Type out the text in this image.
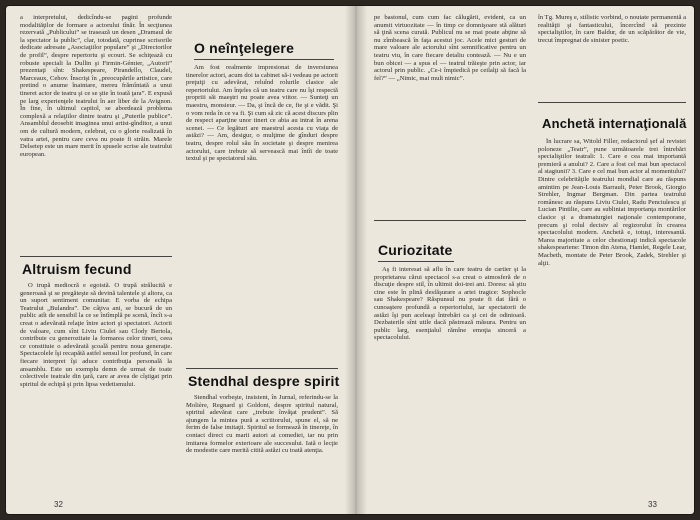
a interpretului, dedicîndu-se pagini profunde modalităţilor de formare a actorului tînăr. În secţiunea rezervată „Publicului” se trasează un desen „Dramaul de la spectator la public”, clar, totodată, cuprinse scrisorile dedicate adresate „Asociaţiilor populare” şi „Directorilor de profil”, despre repertoriu şi ecouri. Se schiţează cu robuste speciali la Dullin şi Firmin-Gémier, „Autorii” prezentaţi sînt: Shakespeare, Pirandello, Claudel, Marceaux, Cehov. Înscrişi în „preocupările artistice, care pretind o anume înaintare, mereu frămîntată a unui tineret actor de teatru şi ce se ştie în toată ţara”. E expusă pe larg experienţele teatrului în aer liber de la Avignon. În fine, în ultimul capitol, se abordează problema complexă a relaţiilor dintre teatru şi „Puterile publice”. Ansamblul deosebit imaginea unui artist-gînditor, a unui om de cultură modern, celebrat, cu o glorie realizată în vatra artei, pentru care ceva nu poate fi străin. Marele Delsetep este un mare merit în spusele scrise ale teatrului european.

Altruism fecund

O trupă mediocră e egoistă. O trupă strălucită e generoasă şi se pregăteşte să devină talentele şi altora, ca un suport sentiment comunitar. E vorba de echipa Teatrului „Bulandra”. De câţiva ani, se bucură de un public atît de sensibil la ce se întîmplă pe scenă, încît s-a creat o adevărată relaţie între actori şi spectatori. Actorii de valoare, cum sînt Liviu Ciulei sau Clody Bertola, contribuie cu generozitate la formarea celor tineri, ceea ce constituie o adevărată şcoală pentru noua generaţie. Spectacolele îşi recapătă astfel sensul lor profund, în care fiecare interpret îşi aduce contribuţia personală la ansamblu. Este un exemplu demn de urmat de toate colectivele teatrale din ţară, care ar avea de cîştigat prin spiritul de echipă şi prin lipsa vedetismului.

O neînţelegere

Am fost realmente impresionat de inversiunea tinerelor actori, acum doi ta cabinet să-i vedeau pe actorii preţuiţi cu adevărat, reluînd rolurile clasice ale repertoriului. Am înţeles că un teatru care nu îşi respectă propriii săi maeştri nu poate avea viitor. — Sunteţi un maestru, monsieur. — Da, şi încă de ce, fie şi e vădit. Şi o vom reda în ce va fi. Şi cum să zic că acest discurs plin de respect aparţine unor tineri ce abia au intrat în arena scenei. — Ce legături are maestrul acesta cu viaţa de astăzi? — Am, desigur, o mulţime de gînduri despre teatru, despre rolul său în societate şi despre menirea actorului, care trebuie să servească mai întîi de toate textul şi pe spectatorul său.

Stendhal despre spirit

Stendhal vorbeşte, insistent, în Jurnal, referindu-se la Molière, Regnard şi Goldoni, despre spiritul natural, spiritul adevărat care „trebuie învăţat prudent”. Să ajungem la mintea pură a scriitorului, spune el, să ne ferim de false imitaţii. Spiritul se formează în tinereţe, în contact direct cu marii autori ai comediei, iar nu prin imitarea formelor exterioare ale succesului. Iată o lecţie de modestie care merită citită astăzi cu toată atenţia.

32

pe bastonul, cum cum fac călugării, evident, ca un anumit virtuozitate — în timp ce domnişoare stă alături să ţină scena curată. Publicul nu se mai poate abţine să nu zîmbească în faţa acestui joc. Acele mici gesturi de mare valoare ale actorului sînt semnificative pentru un teatru viu, în care fiecare detaliu contează. — Nu e un bun obicei — a spus el — teatrul trăieşte prin actor, iar actorul prin public. „Ce-i împiedică pe ceilalţi să facă la fel?” — „Nimic, mai mult nimic”.

Curiozitate

Aş fi interesat să aflu în care teatru de cartier şi la proprietarea cărui spectacol s-a creat o atmosferă de o discuţie despre stil, în ultimii doi-trei ani. Doresc să ştiu cine este în plină desfăşurare a artei tragice: Sophocle sau Shakespeare? Răspunsul nu poate fi dat fără o cunoaştere profundă a repertoriului, iar spectatorii de astăzi îşi pun aceleaşi întrebări ca şi cei de odinioară. Dezbaterile sînt utile dacă păstrează măsura. Pentru un public larg, esenţialul rămîne emoţia sinceră a spectacolului.

în Tg. Mureş e, stilistic vorbind, o noutate permanentă a realităţii şi fantasticului, încercînd să prezinte specialiştilor, în care Baldur, de un scăpărător de vie, trecut împregnat de sinister poetic.

Anchetă internaţională

În lucrare sa, Witold Filler, redactorul şef al revistei poloneze „Teatr”, pune următoarele trei întrebări specialiştilor teatrali: 1. Care e cea mai importantă premieră a anului? 2. Care a fost cel mai bun spectacol al stagiunii? 3. Care e cel mai bun actor al momentului? Dintre celebrităţile teatrului mondial care au răspuns amintim pe Jean-Louis Barrault, Peter Brook, Giorgio Strehler, Ingmar Bergman. Din partea teatrului românesc au răspuns Liviu Ciulei, Radu Penciulescu şi Lucian Pintilie, care au subliniat importanţa montărilor clasice şi a dramaturgiei naţionale contemporane, precum şi rolul decisiv al regizorului în crearea spectacolului modern. Anchetă e, totuşi, interesantă. Marea majoritate a celor chestionaţi indică spectacole shakespeariene: Timon din Atena, Hamlet, Regele Lear, Macbeth, montate de Peter Brook, Zadek, Strehler şi alţii.

33
